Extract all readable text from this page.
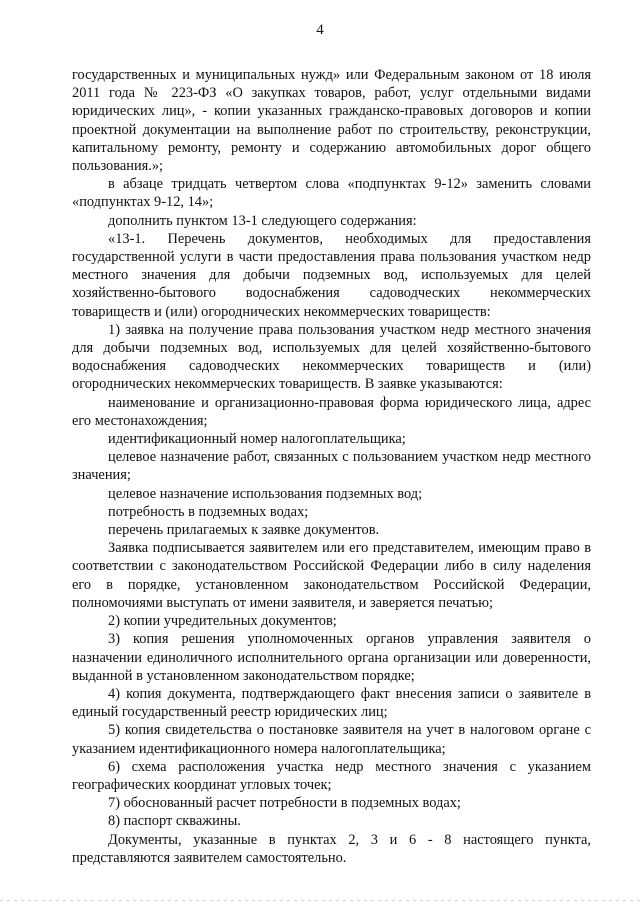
4

государственных и муниципальных нужд» или Федеральным законом от 18 июля 2011 года № 223-ФЗ «О закупках товаров, работ, услуг отдельными видами юридических лиц», - копии указанных гражданско-правовых договоров и копии проектной документации на выполнение работ по строительству, реконструкции, капитальному ремонту, ремонту и содержанию автомобильных дорог общего пользования.»;

в абзаце тридцать четвертом слова «подпунктах 9-12» заменить словами «подпунктах 9-12, 14»;

дополнить пунктом 13-1 следующего содержания:

«13-1. Перечень документов, необходимых для предоставления государственной услуги в части предоставления права пользования участком недр местного значения для добычи подземных вод, используемых для целей хозяйственно-бытового водоснабжения садоводческих некоммерческих товариществ и (или) огороднических некоммерческих товариществ:

1) заявка на получение права пользования участком недр местного значения для добычи подземных вод, используемых для целей хозяйственно-бытового водоснабжения садоводческих некоммерческих товариществ и (или) огороднических некоммерческих товариществ. В заявке указываются:

наименование и организационно-правовая форма юридического лица, адрес его местонахождения;

идентификационный номер налогоплательщика;

целевое назначение работ, связанных с пользованием участком недр местного значения;

целевое назначение использования подземных вод;

потребность в подземных водах;

перечень прилагаемых к заявке документов.

Заявка подписывается заявителем или его представителем, имеющим право в соответствии с законодательством Российской Федерации либо в силу наделения его в порядке, установленном законодательством Российской Федерации, полномочиями выступать от имени заявителя, и заверяется печатью;

2) копии учредительных документов;

3) копия решения уполномоченных органов управления заявителя о назначении единоличного исполнительного органа организации или доверенности, выданной в установленном законодательством порядке;

4) копия документа, подтверждающего факт внесения записи о заявителе в единый государственный реестр юридических лиц;

5) копия свидетельства о постановке заявителя на учет в налоговом органе с указанием идентификационного номера налогоплательщика;

6) схема расположения участка недр местного значения с указанием географических координат угловых точек;

7) обоснованный расчет потребности в подземных водах;

8) паспорт скважины.

Документы, указанные в пунктах 2, 3 и 6 - 8 настоящего пункта, представляются заявителем самостоятельно.
